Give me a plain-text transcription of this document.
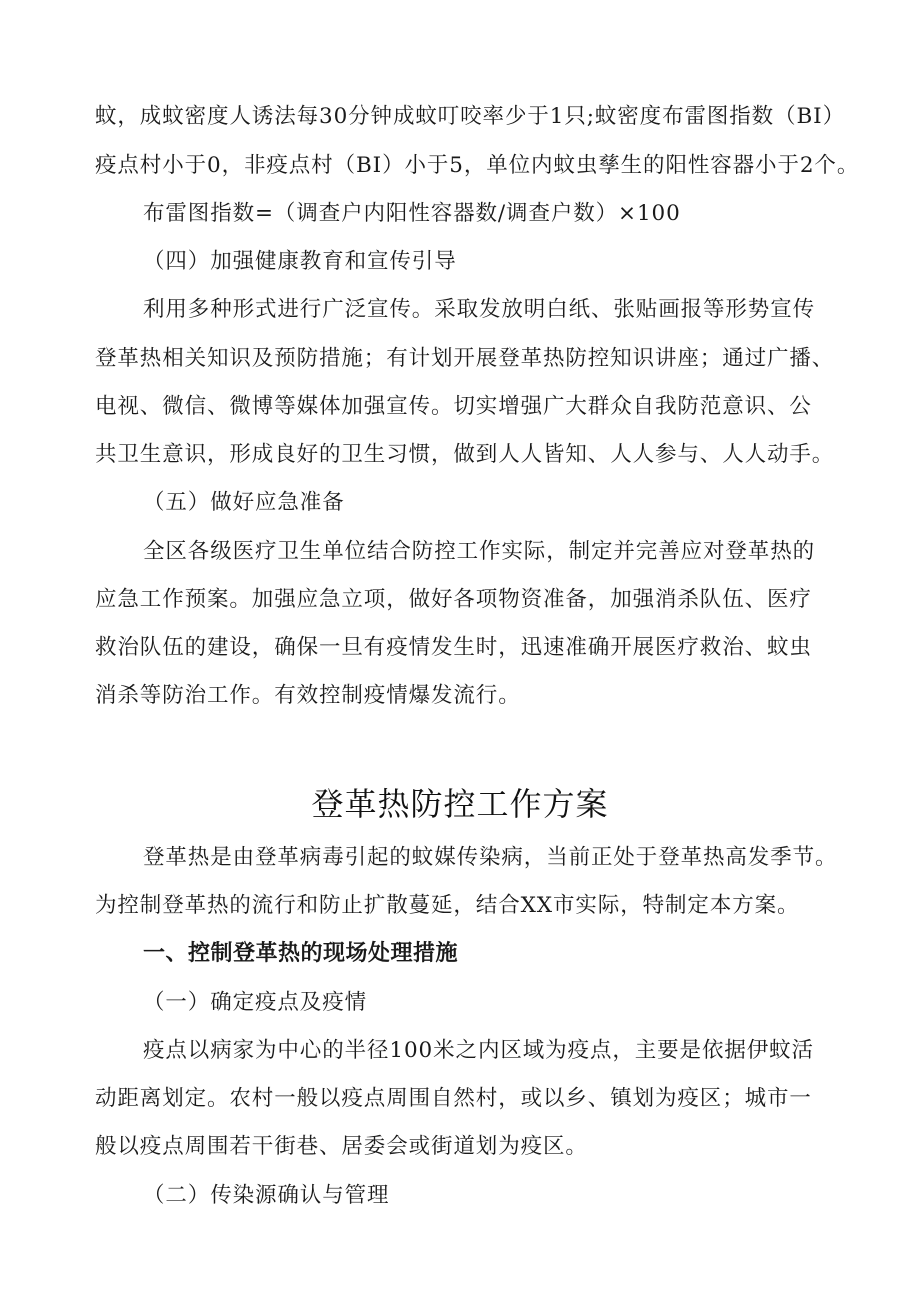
蚊，成蚊密度人诱法每30分钟成蚊叮咬率少于1只;蚊密度布雷图指数（BI）
疫点村小于0，非疫点村（BI）小于5，单位内蚊虫孳生的阳性容器小于2个。
布雷图指数=（调查户内阳性容器数/调查户数）×100
（四）加强健康教育和宣传引导
利用多种形式进行广泛宣传。采取发放明白纸、张贴画报等形势宣传
登革热相关知识及预防措施；有计划开展登革热防控知识讲座；通过广播、
电视、微信、微博等媒体加强宣传。切实增强广大群众自我防范意识、公
共卫生意识，形成良好的卫生习惯，做到人人皆知、人人参与、人人动手。
（五）做好应急准备
全区各级医疗卫生单位结合防控工作实际，制定并完善应对登革热的
应急工作预案。加强应急立项，做好各项物资准备，加强消杀队伍、医疗
救治队伍的建设，确保一旦有疫情发生时，迅速准确开展医疗救治、蚊虫
消杀等防治工作。有效控制疫情爆发流行。
登革热防控工作方案
登革热是由登革病毒引起的蚊媒传染病，当前正处于登革热高发季节。
为控制登革热的流行和防止扩散蔓延，结合XX市实际，特制定本方案。
一、控制登革热的现场处理措施
（一）确定疫点及疫情
疫点以病家为中心的半径100米之内区域为疫点，主要是依据伊蚊活
动距离划定。农村一般以疫点周围自然村，或以乡、镇划为疫区；城市一
般以疫点周围若干街巷、居委会或街道划为疫区。
（二）传染源确认与管理
